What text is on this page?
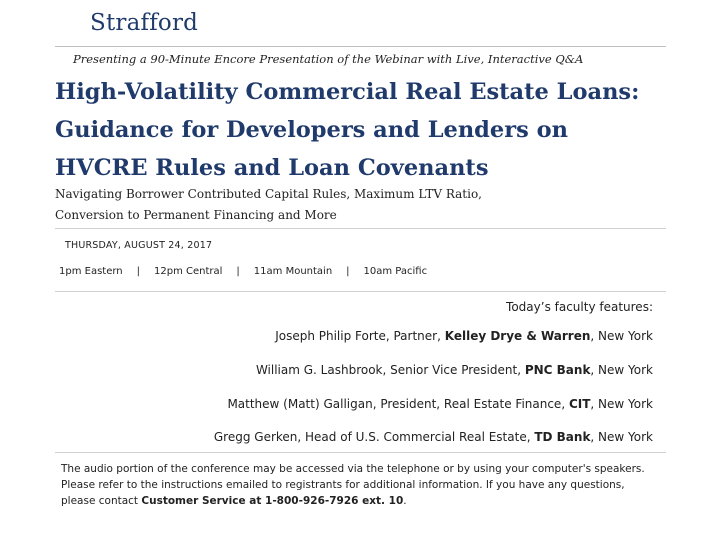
Strafford
Presenting a 90-Minute Encore Presentation of the Webinar with Live, Interactive Q&A
High-Volatility Commercial Real Estate Loans:
Guidance for Developers and Lenders on
HVCRE Rules and Loan Covenants
Navigating Borrower Contributed Capital Rules, Maximum LTV Ratio,
Conversion to Permanent Financing and More
THURSDAY, AUGUST 24, 2017
1pm Eastern | 12pm Central | 11am Mountain | 10am Pacific
Today’s faculty features:
Joseph Philip Forte, Partner, Kelley Drye & Warren, New York
William G. Lashbrook, Senior Vice President, PNC Bank, New York
Matthew (Matt) Galligan, President, Real Estate Finance, CIT, New York
Gregg Gerken, Head of U.S. Commercial Real Estate, TD Bank, New York
The audio portion of the conference may be accessed via the telephone or by using your computer's speakers. Please refer to the instructions emailed to registrants for additional information. If you have any questions, please contact Customer Service at 1-800-926-7926 ext. 10.
